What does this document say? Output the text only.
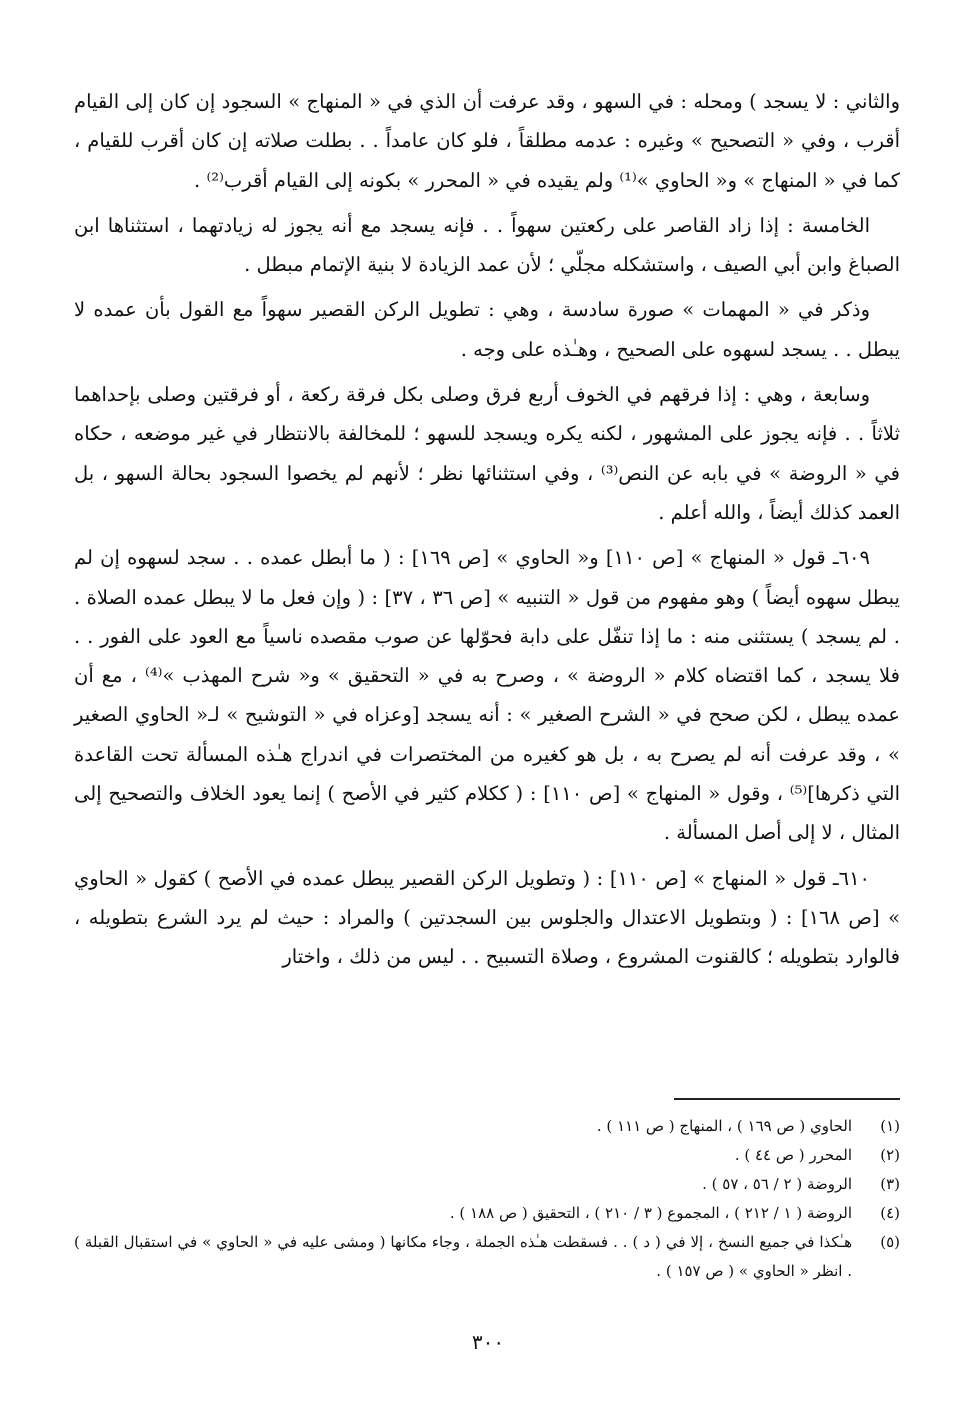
والثاني : لا يسجد ) ومحله : في السهو ، وقد عرفت أن الذي في « المنهاج » السجود إن كان إلى القيام أقرب ، وفي « التصحيح » وغيره : عدمه مطلقاً ، فلو كان عامداً . . بطلت صلاته إن كان أقرب للقيام ، كما في « المنهاج » و« الحاوي »⁽¹⁾ ولم يقيده في « المحرر » بكونه إلى القيام أقرب⁽²⁾ .

الخامسة : إذا زاد القاصر على ركعتين سهواً . . فإنه يسجد مع أنه يجوز له زيادتهما ، استثناها ابن الصباغ وابن أبي الصيف ، واستشكله مجلّي ؛ لأن عمد الزيادة لا بنية الإتمام مبطل .

وذكر في « المهمات » صورة سادسة ، وهي : تطويل الركن القصير سهواً مع القول بأن عمده لا يبطل . . يسجد لسهوه على الصحيح ، وهـٰذه على وجه .

وسابعة ، وهي : إذا فرقهم في الخوف أربع فرق وصلى بكل فرقة ركعة ، أو فرقتين وصلى بإحداهما ثلاثاً . . فإنه يجوز على المشهور ، لكنه يكره ويسجد للسهو ؛ للمخالفة بالانتظار في غير موضعه ، حكاه في « الروضة » في بابه عن النص⁽³⁾ ، وفي استثنائها نظر ؛ لأنهم لم يخصوا السجود بحالة السهو ، بل العمد كذلك أيضاً ، والله أعلم .

٦٠٩ـ قول « المنهاج » [ص ١١٠] و« الحاوي » [ص ١٦٩] : ( ما أبطل عمده . . سجد لسهوه إن لم يبطل سهوه أيضاً ) وهو مفهوم من قول « التنبيه » [ص ٣٦ ، ٣٧] : ( وإن فعل ما لا يبطل عمده الصلاة . . لم يسجد ) يستثنى منه : ما إذا تنفّل على دابة فحوّلها عن صوب مقصده ناسياً مع العود على الفور . . فلا يسجد ، كما اقتضاه كلام « الروضة » ، وصرح به في « التحقيق » و« شرح المهذب »⁽⁴⁾ ، مع أن عمده يبطل ، لكن صحح في « الشرح الصغير » : أنه يسجد [وعزاه في « التوشيح » لـ« الحاوي الصغير » ، وقد عرفت أنه لم يصرح به ، بل هو كغيره من المختصرات في اندراج هـٰذه المسألة تحت القاعدة التي ذكرها]⁽⁵⁾ ، وقول « المنهاج » [ص ١١٠] : ( ككلام كثير في الأصح ) إنما يعود الخلاف والتصحيح إلى المثال ، لا إلى أصل المسألة .

٦١٠ـ قول « المنهاج » [ص ١١٠] : ( وتطويل الركن القصير يبطل عمده في الأصح ) كقول « الحاوي » [ص ١٦٨] : ( وبتطويل الاعتدال والجلوس بين السجدتين ) والمراد : حيث لم يرد الشرع بتطويله ، فالوارد بتطويله ؛ كالقنوت المشروع ، وصلاة التسبيح . . ليس من ذلك ، واختار

(١)
الحاوي ( ص ١٦٩ ) ، المنهاج ( ص ١١١ ) .
(٢)
المحرر ( ص ٤٤ ) .
(٣)
الروضة ( ٢ / ٥٦ ، ٥٧ ) .
(٤)
الروضة ( ١ / ٢١٢ ) ، المجموع ( ٣ / ٢١٠ ) ، التحقيق ( ص ١٨٨ ) .
(٥)
هـٰكذا في جميع النسخ ، إلا في ( د ) . . فسقطت هـٰذه الجملة ، وجاء مكانها ( ومشى عليه في « الحاوي » في استقبال القبلة ) . انظر « الحاوي » ( ص ١٥٧ ) .
٣٠٠
